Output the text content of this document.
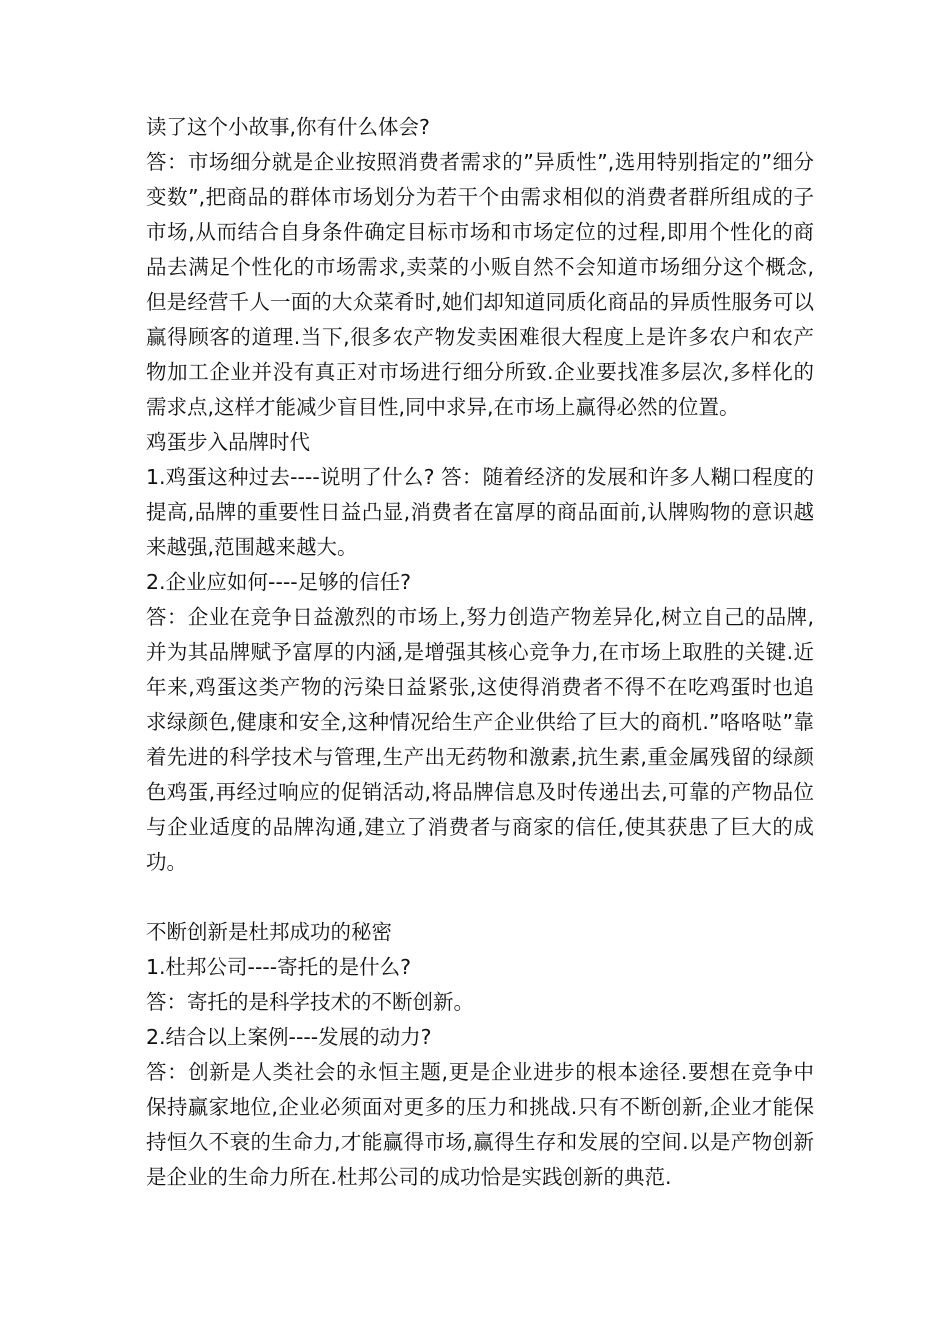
读了这个小故事,你有什么体会?

答：市场细分就是企业按照消费者需求的”异质性”,选用特别指定的”细分变数”,把商品的群体市场划分为若干个由需求相似的消费者群所组成的子市场,从而结合自身条件确定目标市场和市场定位的过程,即用个性化的商品去满足个性化的市场需求,卖菜的小贩自然不会知道市场细分这个概念,但是经营千人一面的大众菜肴时,她们却知道同质化商品的异质性服务可以赢得顾客的道理.当下,很多农产物发卖困难很大程度上是许多农户和农产物加工企业并没有真正对市场进行细分所致.企业要找准多层次,多样化的需求点,这样才能减少盲目性,同中求异,在市场上赢得必然的位置。

鸡蛋步入品牌时代

1.鸡蛋这种过去----说明了什么? 答：随着经济的发展和许多人糊口程度的提高,品牌的重要性日益凸显,消费者在富厚的商品面前,认牌购物的意识越来越强,范围越来越大。

2.企业应如何----足够的信任?

答：企业在竞争日益激烈的市场上,努力创造产物差异化,树立自己的品牌,并为其品牌赋予富厚的内涵,是增强其核心竞争力,在市场上取胜的关键.近年来,鸡蛋这类产物的污染日益紧张,这使得消费者不得不在吃鸡蛋时也追求绿颜色,健康和安全,这种情况给生产企业供给了巨大的商机.”咯咯哒”靠着先进的科学技术与管理,生产出无药物和激素,抗生素,重金属残留的绿颜色鸡蛋,再经过响应的促销活动,将品牌信息及时传递出去,可靠的产物品位与企业适度的品牌沟通,建立了消费者与商家的信任,使其获患了巨大的成功。

不断创新是杜邦成功的秘密

1.杜邦公司----寄托的是什么?

答：寄托的是科学技术的不断创新。

2.结合以上案例----发展的动力?

答：创新是人类社会的永恒主题,更是企业进步的根本途径.要想在竞争中保持赢家地位,企业必须面对更多的压力和挑战.只有不断创新,企业才能保持恒久不衰的生命力,才能赢得市场,赢得生存和发展的空间.以是产物创新是企业的生命力所在.杜邦公司的成功恰是实践创新的典范.
